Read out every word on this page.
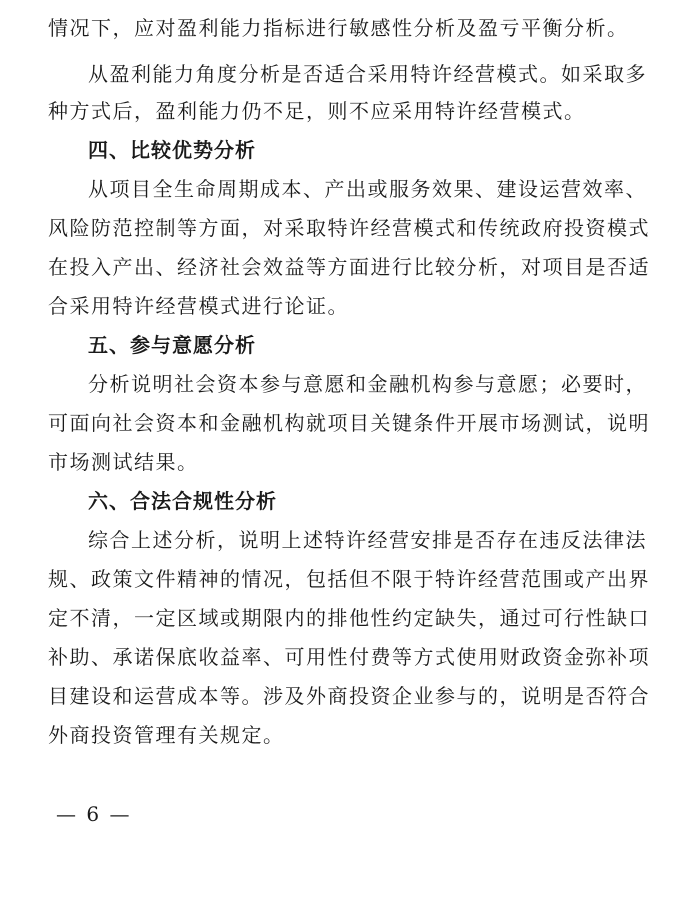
情况下，应对盈利能力指标进行敏感性分析及盈亏平衡分析。
从盈利能力角度分析是否适合采用特许经营模式。如采取多
种方式后，盈利能力仍不足，则不应采用特许经营模式。
四、比较优势分析
从项目全生命周期成本、产出或服务效果、建设运营效率、
风险防范控制等方面，对采取特许经营模式和传统政府投资模式
在投入产出、经济社会效益等方面进行比较分析，对项目是否适
合采用特许经营模式进行论证。
五、参与意愿分析
分析说明社会资本参与意愿和金融机构参与意愿；必要时，
可面向社会资本和金融机构就项目关键条件开展市场测试，说明
市场测试结果。
六、合法合规性分析
综合上述分析，说明上述特许经营安排是否存在违反法律法
规、政策文件精神的情况，包括但不限于特许经营范围或产出界
定不清，一定区域或期限内的排他性约定缺失，通过可行性缺口
补助、承诺保底收益率、可用性付费等方式使用财政资金弥补项
目建设和运营成本等。涉及外商投资企业参与的，说明是否符合
外商投资管理有关规定。
— 6 —
